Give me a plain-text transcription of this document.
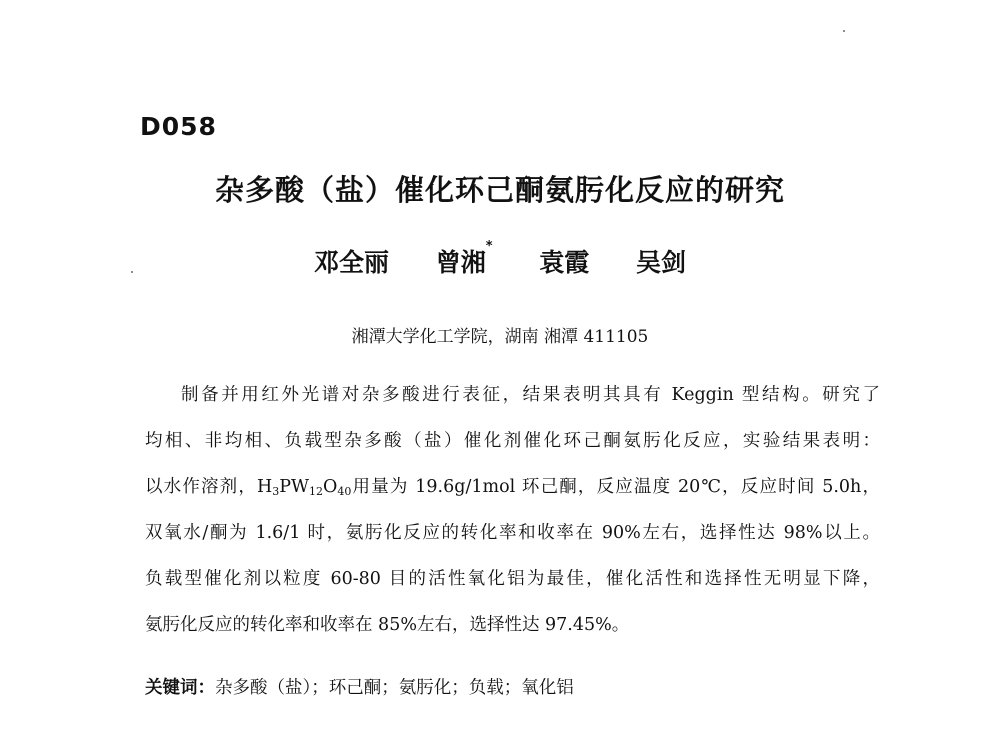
D058
杂多酸（盐）催化环己酮氨肟化反应的研究
邓全丽 曾湘* 袁霞 吴剑
湘潭大学化工学院，湖南 湘潭 411105
制备并用红外光谱对杂多酸进行表征，结果表明其具有 Keggin 型结构。研究了
均相、非均相、负载型杂多酸（盐）催化剂催化环己酮氨肟化反应，实验结果表明：
以水作溶剂，$H_3PW_{12}O_{40}$用量为 19.6g/1mol 环己酮，反应温度 20℃，反应时间 5.0h，
双氧水/酮为 1.6/1 时，氨肟化反应的转化率和收率在 90%左右，选择性达 98%以上。
负载型催化剂以粒度 60-80 目的活性氧化铝为最佳，催化活性和选择性无明显下降，
氨肟化反应的转化率和收率在 85%左右，选择性达 97.45%。
关键词：杂多酸（盐）；环己酮；氨肟化；负载；氧化铝
